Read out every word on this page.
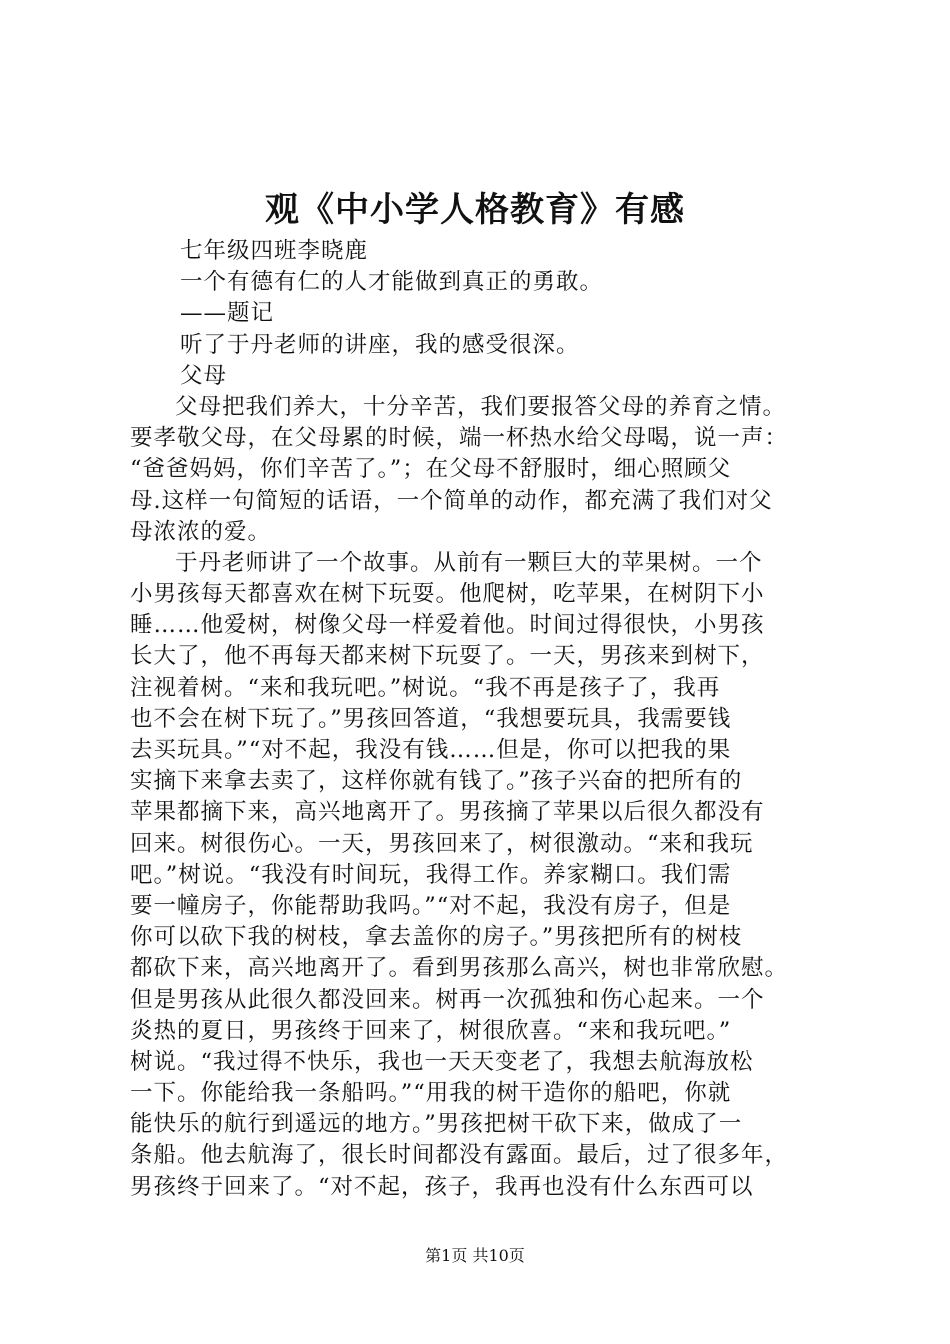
观《中小学人格教育》有感
七年级四班李晓鹿
一个有德有仁的人才能做到真正的勇敢。
——题记
听了于丹老师的讲座，我的感受很深。
父母
父母把我们养大，十分辛苦，我们要报答父母的养育之情。
要孝敬父母，在父母累的时候，端一杯热水给父母喝，说一声：
“爸爸妈妈，你们辛苦了。”；在父母不舒服时，细心照顾父
母.这样一句简短的话语，一个简单的动作，都充满了我们对父
母浓浓的爱。
于丹老师讲了一个故事。从前有一颗巨大的苹果树。一个
小男孩每天都喜欢在树下玩耍。他爬树，吃苹果，在树阴下小
睡……他爱树，树像父母一样爱着他。时间过得很快，小男孩
长大了，他不再每天都来树下玩耍了。一天，男孩来到树下，
注视着树。“来和我玩吧。”树说。“我不再是孩子了，我再
也不会在树下玩了。”男孩回答道，“我想要玩具，我需要钱
去买玩具。”“对不起，我没有钱……但是，你可以把我的果
实摘下来拿去卖了，这样你就有钱了。”孩子兴奋的把所有的
苹果都摘下来，高兴地离开了。男孩摘了苹果以后很久都没有
回来。树很伤心。一天，男孩回来了，树很激动。“来和我玩
吧。”树说。“我没有时间玩，我得工作。养家糊口。我们需
要一幢房子，你能帮助我吗。”“对不起，我没有房子，但是
你可以砍下我的树枝，拿去盖你的房子。”男孩把所有的树枝
都砍下来，高兴地离开了。看到男孩那么高兴，树也非常欣慰。
但是男孩从此很久都没回来。树再一次孤独和伤心起来。一个
炎热的夏日，男孩终于回来了，树很欣喜。“来和我玩吧。”
树说。“我过得不快乐，我也一天天变老了，我想去航海放松
一下。你能给我一条船吗。”“用我的树干造你的船吧，你就
能快乐的航行到遥远的地方。”男孩把树干砍下来，做成了一
条船。他去航海了，很长时间都没有露面。最后，过了很多年，
男孩终于回来了。“对不起，孩子，我再也没有什么东西可以
第1页 共10页
